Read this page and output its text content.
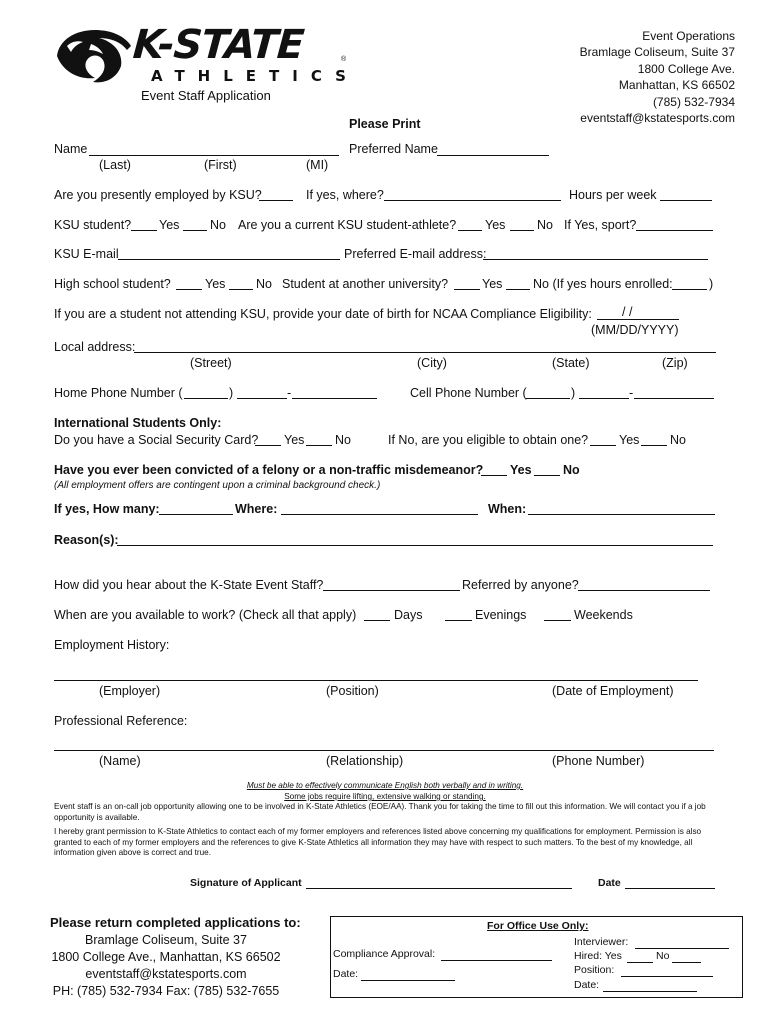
K-STATE
ATHLETICS
®
Event Staff Application
Event Operations
Bramlage Coliseum, Suite 37
1800 College Ave.
Manhattan, KS 66502
(785) 532-7934
eventstaff@kstatesports.com
Please Print
Name	Preferred Name
(Last)	(First)	(MI)
Are you presently employed by KSU?	If yes, where?	Hours per week
KSU student? Yes No Are you a current KSU student-athlete? Yes	No If Yes, sport?
KSU E-mail	Preferred E-mail address:
High school student?	Yes No Student at another university?	Yes No (If yes hours enrolled:	)
If you are a student not attending KSU, provide your date of birth for NCAA Compliance Eligibility: / /
(MM/DD/YYYY)
Local address:
(Street)	(City)	(State)	(Zip)
Home Phone Number (	)	-	Cell Phone Number (	)	-
International Students Only:
Do you have a Social Security Card? Yes No	If No, are you eligible to obtain one? Yes No
Have you ever been convicted of a felony or a non-traffic misdemeanor? Yes	No
(All employment offers are contingent upon a criminal background check.)
If yes, How many:	Where:	When:
Reason(s):
How did you hear about the K-State Event Staff?	Referred by anyone?
When are you available to work? (Check all that apply)	Days	Evenings	Weekends
Employment History:
(Employer)	(Position)	(Date of Employment)
Professional Reference:
(Name)	(Relationship)	(Phone Number)
Must be able to effectively communicate English both verbally and in writing.
Some jobs require lifting, extensive walking or standing.
Event staff is an on-call job opportunity allowing one to be involved in K-State Athletics (EOE/AA). Thank you for taking the time to fill out this information. We will contact you if a job opportunity is available.
I hereby grant permission to K-State Athletics to contact each of my former employers and references listed above concerning my qualifications for employment. Permission is also granted to each of my former employers and the references to give K-State Athletics all information they may have with respect to such matters. To the best of my knowledge, all information given above is correct and true.
Signature of Applicant	Date
Please return completed applications to:
Bramlage Coliseum, Suite 37
1800 College Ave., Manhattan, KS 66502
eventstaff@kstatesports.com
PH: (785) 532-7934 Fax: (785) 532-7655
For Office Use Only:
Compliance Approval:
Date:
Interviewer:
Hired: Yes	No
Position:
Date:
